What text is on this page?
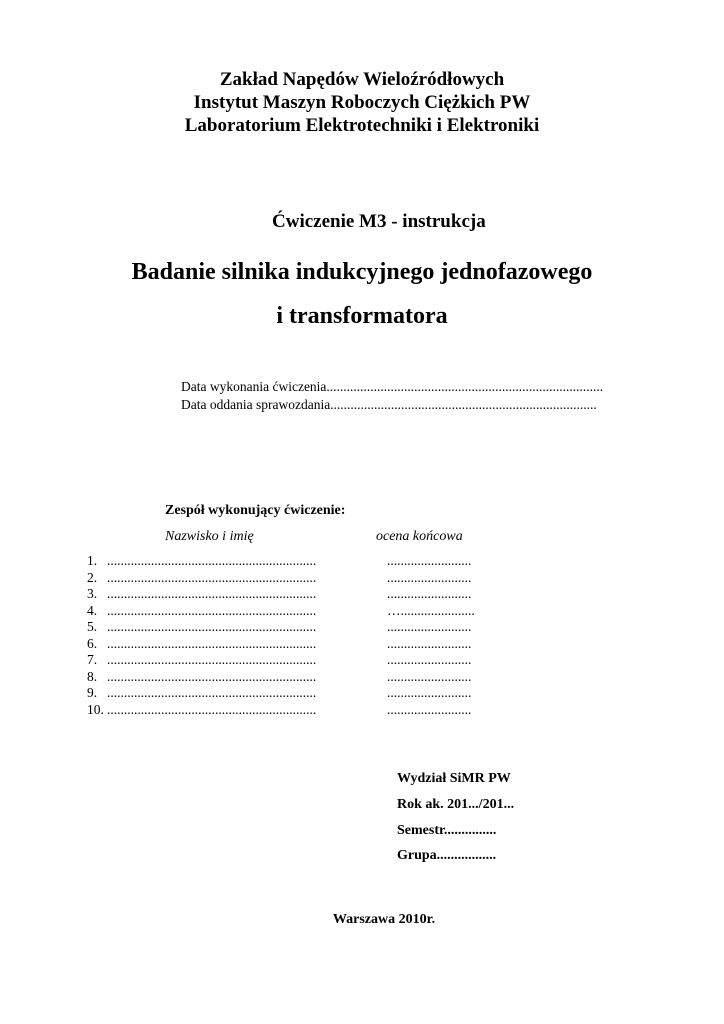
Zakład Napędów Wieloźródłowych
Instytut Maszyn Roboczych Ciężkich PW
Laboratorium Elektrotechniki i Elektroniki
Ćwiczenie M3 - instrukcja
Badanie silnika indukcyjnego jednofazowego
i transformatora
Data wykonania ćwiczenia..................................................................................
Data oddania sprawozdania...............................................................................
Zespół wykonujący ćwiczenie:
Nazwisko i imię	ocena końcowa
1. ..............................................................	.........................
2. ..............................................................	.........................
3. ..............................................................	.........................
4. ..............................................................	…......................
5. ..............................................................	.........................
6. ..............................................................	.........................
7. ..............................................................	.........................
8. ..............................................................	.........................
9. ..............................................................	.........................
10. ..............................................................	.........................
Wydział SiMR PW
Rok ak. 201.../201...
Semestr...............
Grupa.................
Warszawa 2010r.
